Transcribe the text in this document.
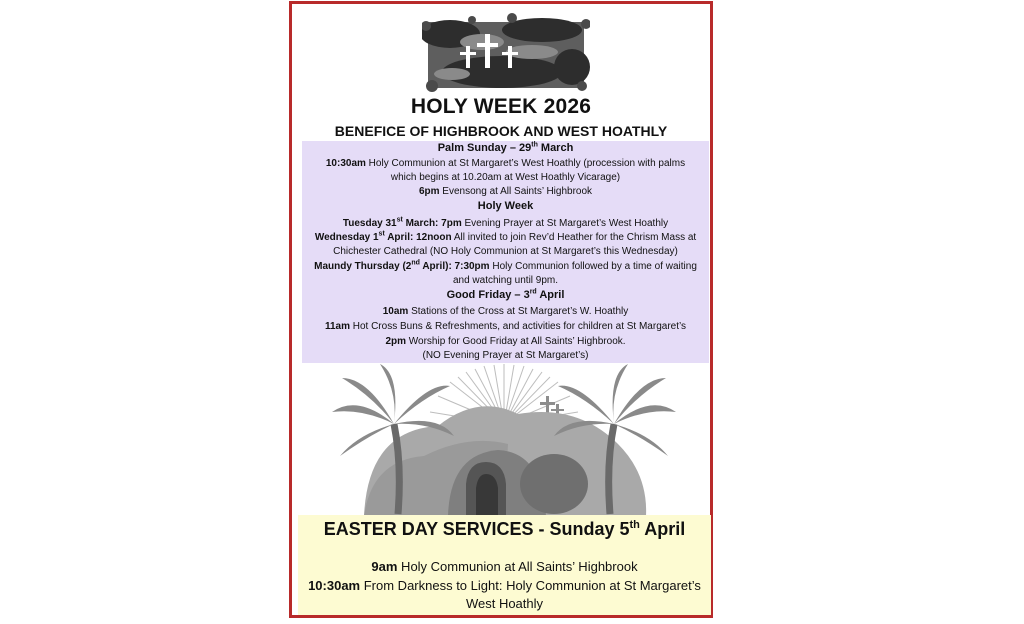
HOLY WEEK 2026
BENEFICE OF HIGHBROOK AND WEST HOATHLY
Palm Sunday – 29th March
10:30am Holy Communion at St Margaret’s West Hoathly (procession with palms
which begins at 10.20am at West Hoathly Vicarage)
6pm Evensong at All Saints’ Highbrook
Holy Week
Tuesday 31st March: 7pm Evening Prayer at St Margaret’s West Hoathly
Wednesday 1st April: 12noon All invited to join Rev’d Heather for the Chrism Mass at
Chichester Cathedral (NO Holy Communion at St Margaret’s this Wednesday)
Maundy Thursday (2nd April): 7:30pm Holy Communion followed by a time of waiting
and watching until 9pm.
Good Friday – 3rd April
10am Stations of the Cross at St Margaret’s W. Hoathly
11am Hot Cross Buns & Refreshments, and activities for children at St Margaret’s
2pm Worship for Good Friday at All Saints’ Highbrook.
(NO Evening Prayer at St Margaret’s)
EASTER DAY SERVICES - Sunday 5th April
9am Holy Communion at All Saints’ Highbrook
10:30am From Darkness to Light: Holy Communion at St Margaret’s
West Hoathly
